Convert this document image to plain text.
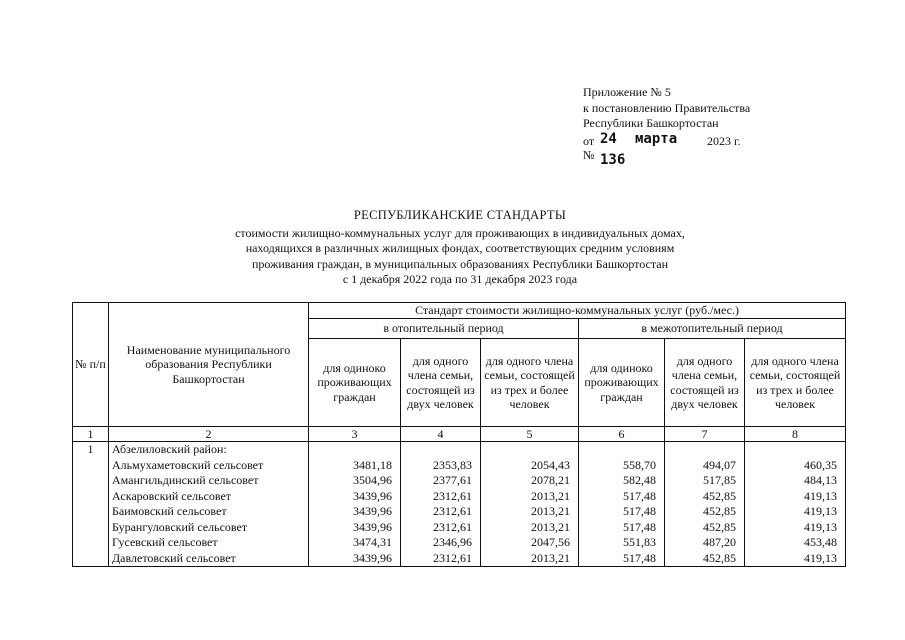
Приложение № 5
к постановлению Правительства
Республики Башкортостан
от 24 марта 2023 г.
№ 136
РЕСПУБЛИКАНСКИЕ СТАНДАРТЫ
стоимости жилищно-коммунальных услуг для проживающих в индивидуальных домах,
находящихся в различных жилищных фондах, соответствующих средним условиям
проживания граждан, в муниципальных образованиях Республики Башкортостан
с 1 декабря 2022 года по 31 декабря 2023 года
№ п/п	Наименование муниципального образования Республики Башкортостан	Стандарт стоимости жилищно-коммунальных услуг (руб./мес.)					
		в отопительный период			в межотопительный период		
		для одиноко проживающих граждан	для одного члена семьи, состоящей из двух человек	для одного члена семьи, состоящей из трех и более человек	для одиноко проживающих граждан	для одного члена семьи, состоящей из двух человек	для одного члена семьи, состоящей из трех и более человек
1	2	3	4	5	6	7	8
1	Абзелиловский район:						
	Альмухаметовский сельсовет	3481,18	2353,83	2054,43	558,70	494,07	460,35
	Амангильдинский сельсовет	3504,96	2377,61	2078,21	582,48	517,85	484,13
	Аскаровский сельсовет	3439,96	2312,61	2013,21	517,48	452,85	419,13
	Баимовский сельсовет	3439,96	2312,61	2013,21	517,48	452,85	419,13
	Бурангуловский сельсовет	3439,96	2312,61	2013,21	517,48	452,85	419,13
	Гусевский сельсовет	3474,31	2346,96	2047,56	551,83	487,20	453,48
	Давлетовский сельсовет	3439,96	2312,61	2013,21	517,48	452,85	419,13
